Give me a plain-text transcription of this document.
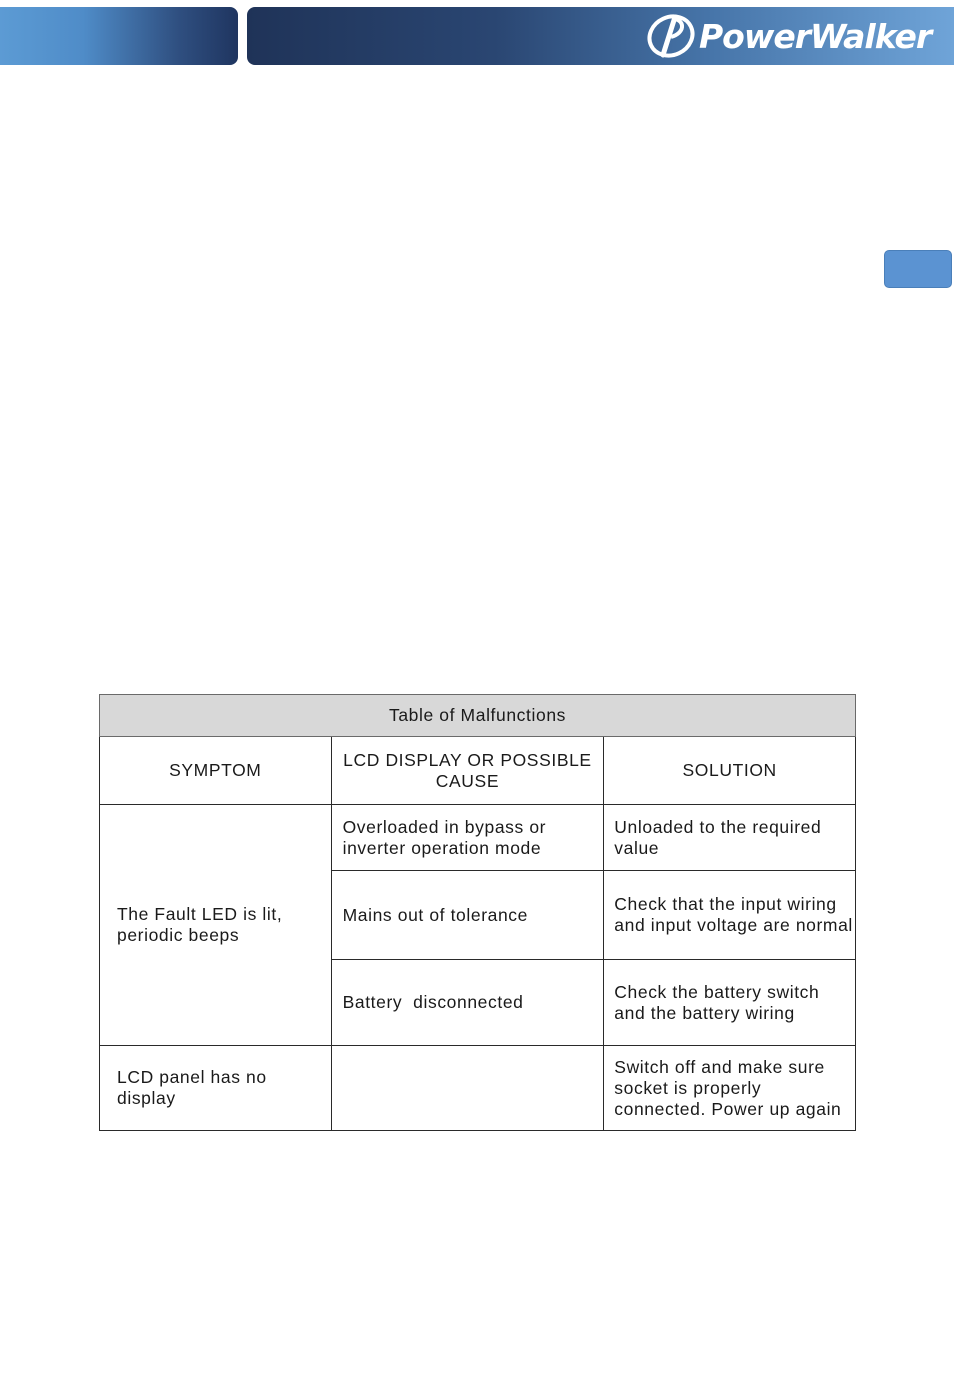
PowerWalker
Table of Malfunctions		
SYMPTOM	LCD DISPLAY OR POSSIBLE CAUSE	SOLUTION
The Fault LED is lit, periodic beeps	Overloaded in bypass or inverter operation mode	Unloaded to the required value
	Mains out of tolerance	Check that the input wiring and input voltage are normal
	Battery  disconnected	Check the battery switch and the battery wiring
LCD panel has no display		Switch off and make sure socket is properly connected. Power up again
